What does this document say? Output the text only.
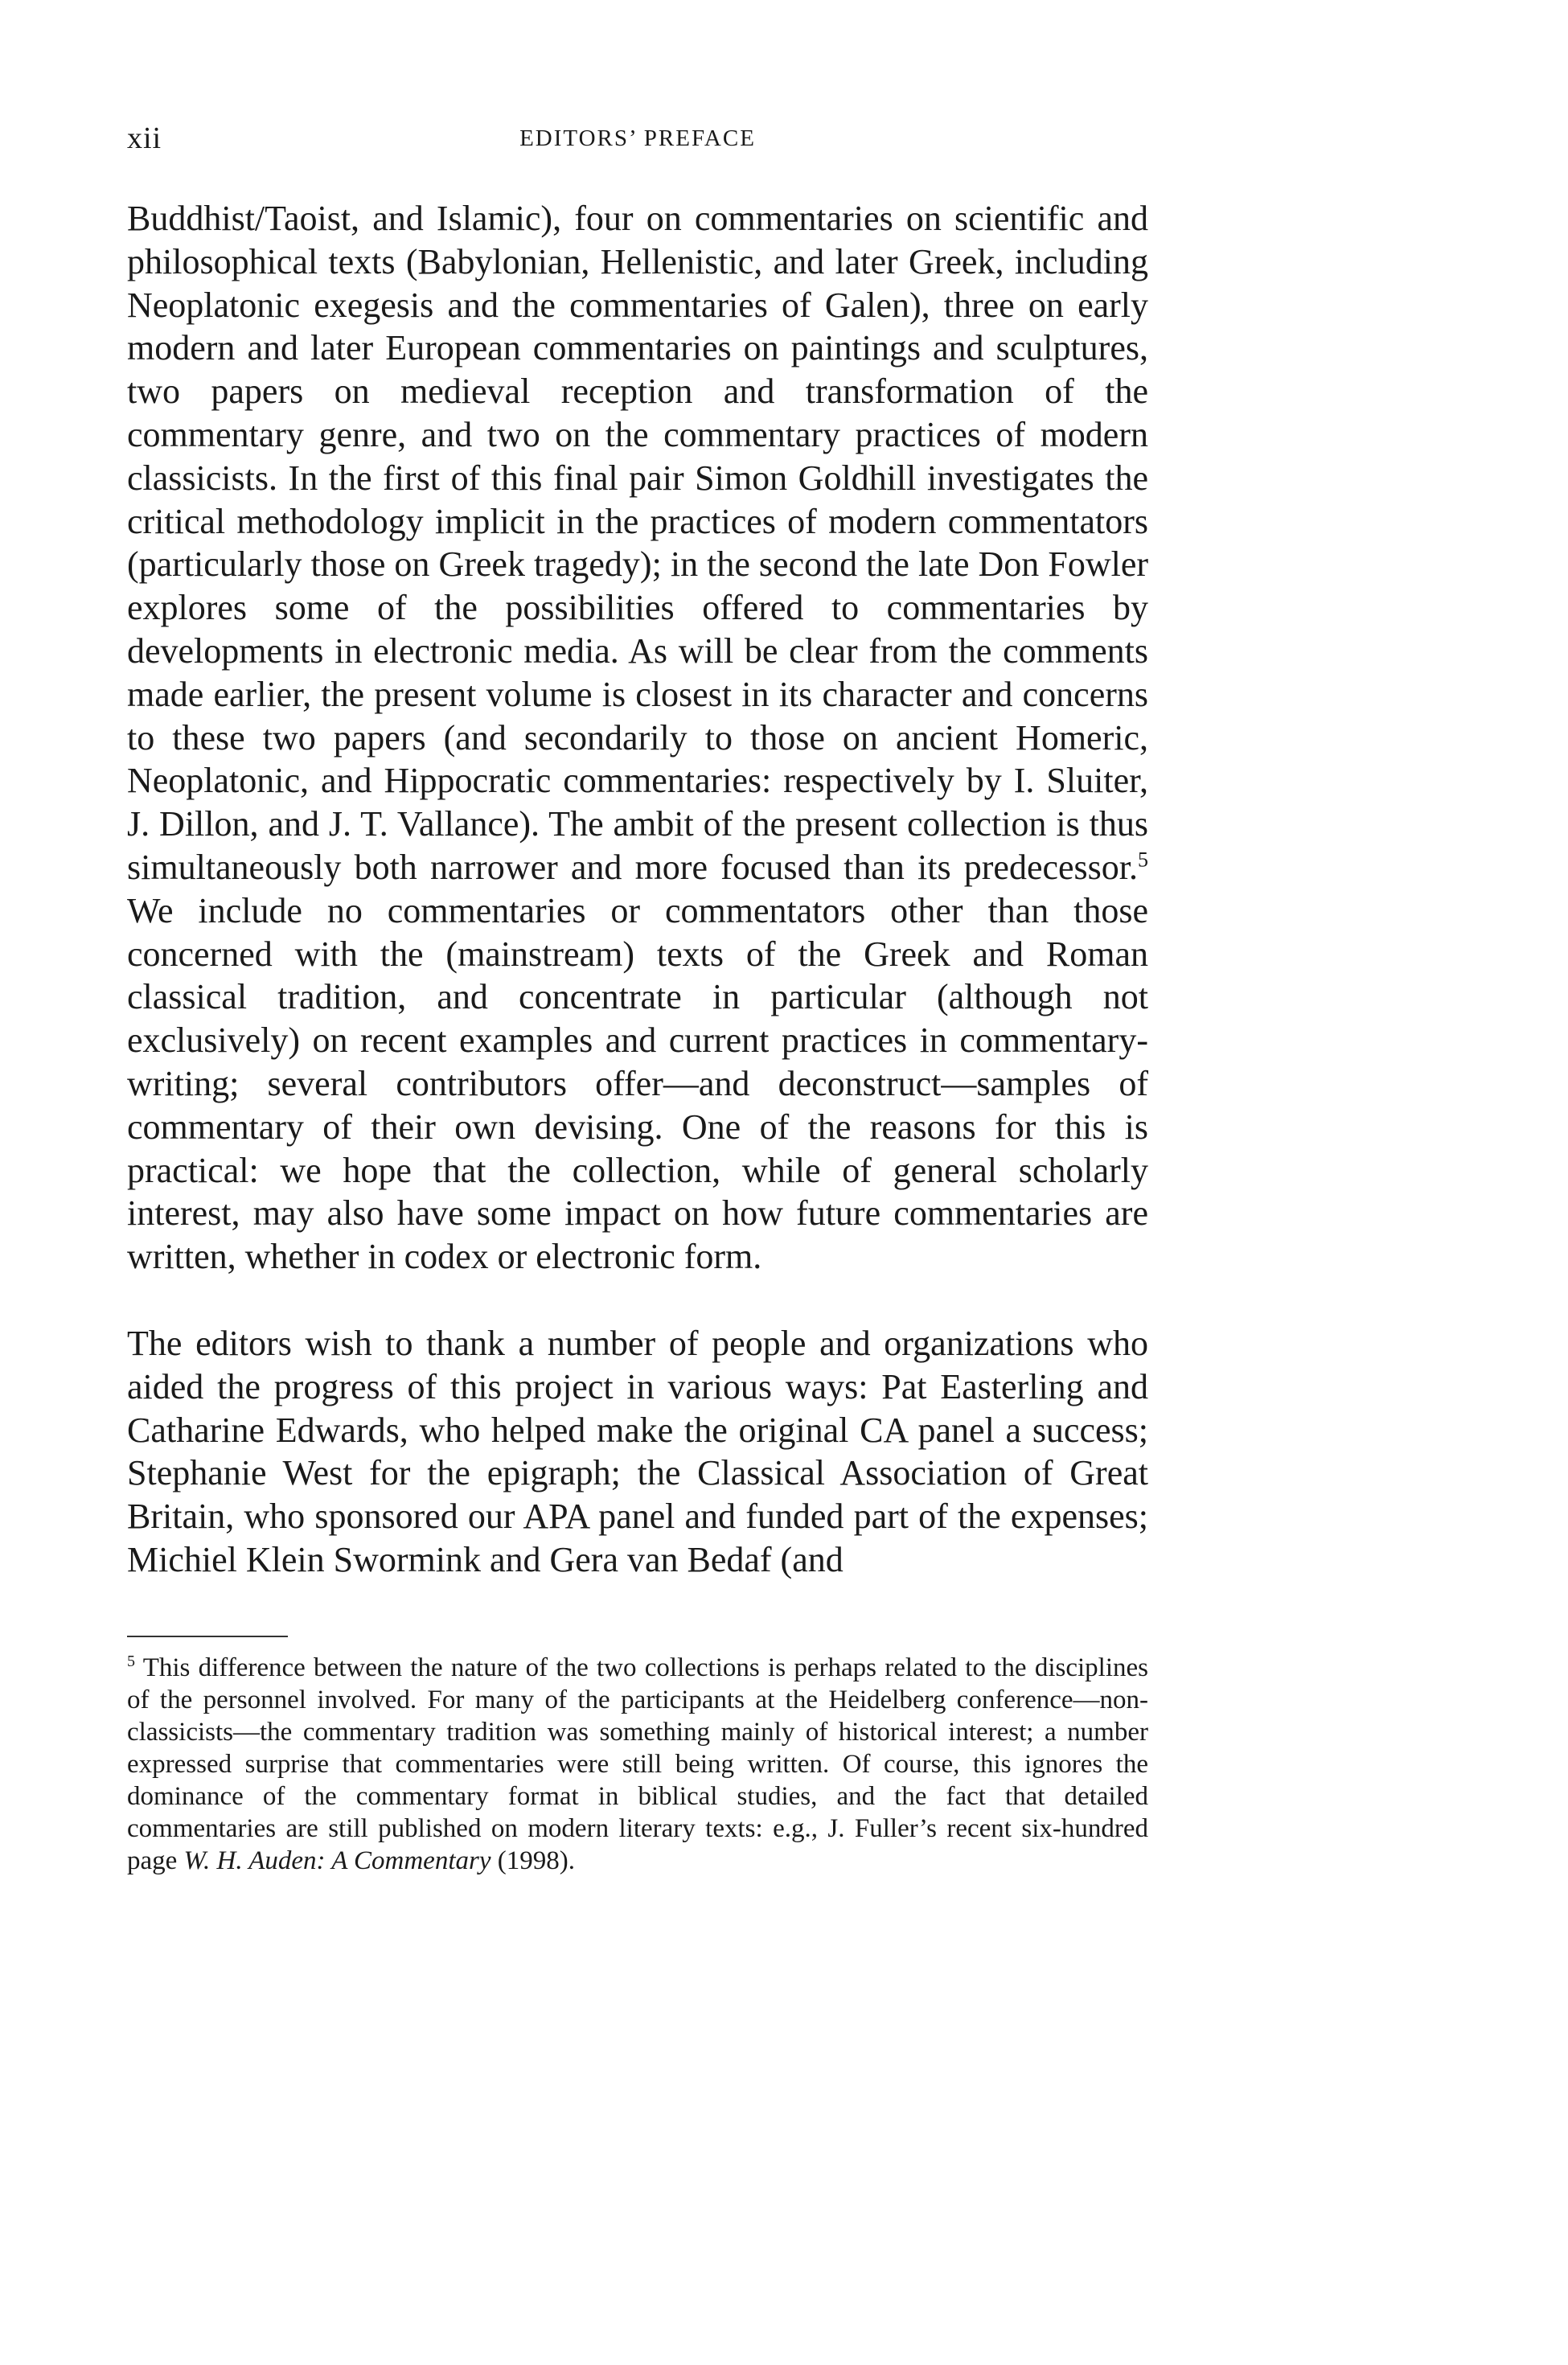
xii	EDITORS’ PREFACE

Buddhist/Taoist, and Islamic), four on commentaries on scientific and philosophical texts (Babylonian, Hellenistic, and later Greek, including Neoplatonic exegesis and the commentaries of Galen), three on early modern and later European commentaries on paintings and sculptures, two papers on medieval reception and transformation of the commentary genre, and two on the commentary practices of modern classicists. In the first of this final pair Simon Goldhill investigates the critical methodology implicit in the practices of modern commentators (particularly those on Greek tragedy); in the second the late Don Fowler explores some of the possibilities offered to commentaries by developments in electronic media. As will be clear from the comments made earlier, the present volume is closest in its character and concerns to these two papers (and secondarily to those on ancient Homeric, Neoplatonic, and Hippocratic commentaries: respectively by I. Sluiter, J. Dillon, and J. T. Vallance). The ambit of the present collection is thus simultaneously both narrower and more focused than its predecessor.$^5$ We include no commentaries or commentators other than those concerned with the (mainstream) texts of the Greek and Roman classical tradition, and concentrate in particular (although not exclusively) on recent examples and current practices in commentary-writing; several contributors offer—and deconstruct—samples of commentary of their own devising. One of the reasons for this is practical: we hope that the collection, while of general scholarly interest, may also have some impact on how future commentaries are written, whether in codex or electronic form.

The editors wish to thank a number of people and organizations who aided the progress of this project in various ways: Pat Easterling and Catharine Edwards, who helped make the original CA panel a success; Stephanie West for the epigraph; the Classical Association of Great Britain, who sponsored our APA panel and funded part of the expenses; Michiel Klein Swormink and Gera van Bedaf (and

$^5$ This difference between the nature of the two collections is perhaps related to the disciplines of the personnel involved. For many of the participants at the Heidelberg conference—non-classicists—the commentary tradition was something mainly of historical interest; a number expressed surprise that commentaries were still being written. Of course, this ignores the dominance of the commentary format in biblical studies, and the fact that detailed commentaries are still published on modern literary texts: e.g., J. Fuller’s recent six-hundred page W. H. Auden: A Commentary (1998).
